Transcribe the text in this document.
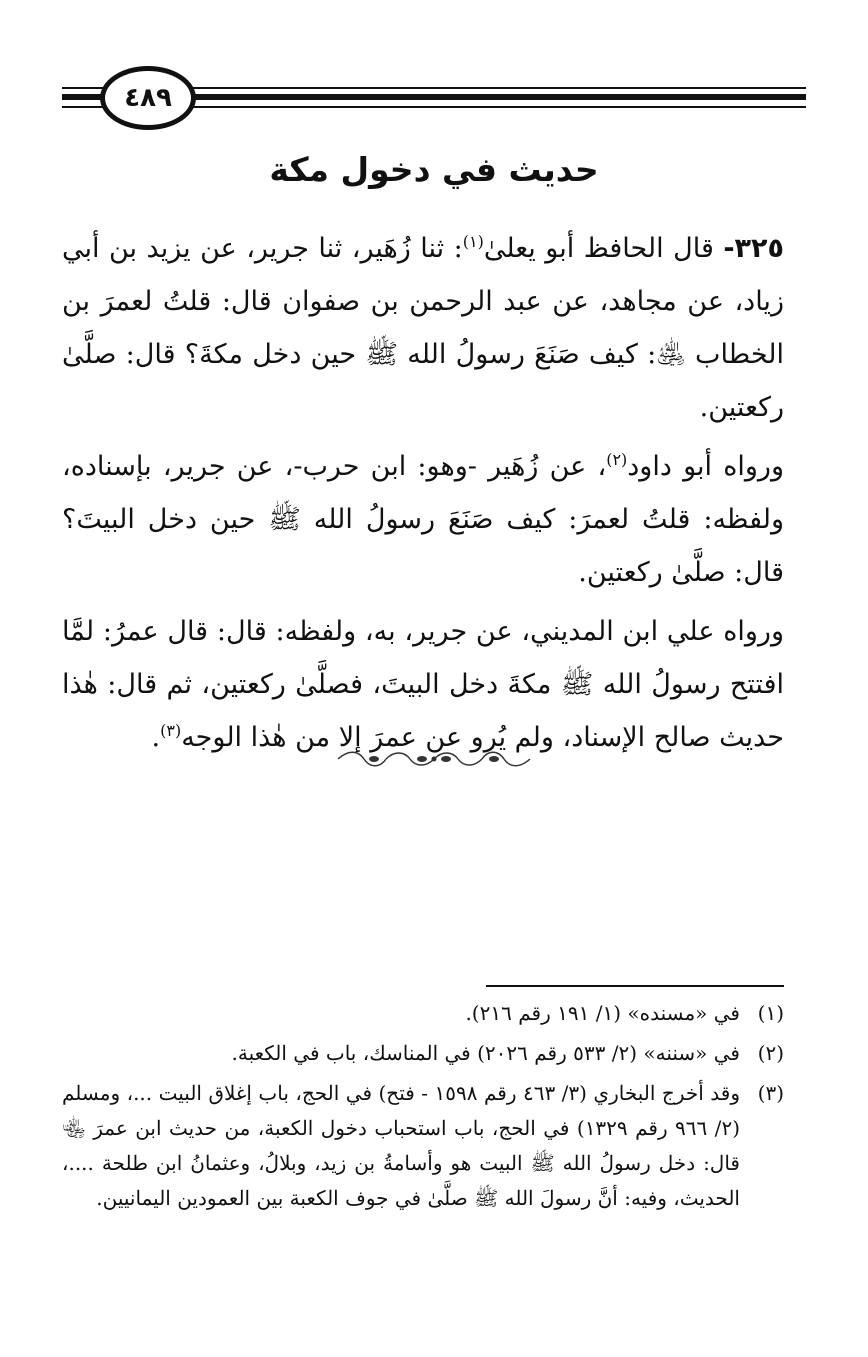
٤٨٩
حديث في دخول مكة

٣٢٥- قال الحافظ أبو يعلىٰ$^{(١)}$: ثنا زُهَير، ثنا جرير، عن يزيد بن أبي زياد، عن مجاهد، عن عبد الرحمن بن صفوان قال: قلتُ لعمرَ بن الخطاب ﵁: كيف صَنَعَ رسولُ الله ﷺ حين دخل مكةَ؟ قال: صلَّىٰ ركعتين.

ورواه أبو داود$^{(٢)}$، عن زُهَير -وهو: ابن حرب-، عن جرير، بإسناده، ولفظه: قلتُ لعمرَ: كيف صَنَعَ رسولُ الله ﷺ حين دخل البيتَ؟ قال: صلَّىٰ ركعتين.

ورواه علي ابن المديني، عن جرير، به، ولفظه: قال: قال عمرُ: لمَّا افتتح رسولُ الله ﷺ مكةَ دخل البيتَ، فصلَّىٰ ركعتين، ثم قال: هٰذا حديث صالح الإسناد، ولم يُرو عن عمرَ إلا من هٰذا الوجه$^{(٣)}$.

(١)
في «مسنده» (١/ ١٩١ رقم ٢١٦).
(٢)
في «سننه» (٢/ ٥٣٣ رقم ٢٠٢٦) في المناسك، باب في الكعبة.
(٣)
وقد أخرج البخاري (٣/ ٤٦٣ رقم ١٥٩٨ - فتح) في الحج، باب إغلاق البيت ...، ومسلم (٢/ ٩٦٦ رقم ١٣٢٩) في الحج، باب استحباب دخول الكعبة، من حديث ابن عمرَ ﵄ قال: دخل رسولُ الله ﷺ البيت هو وأسامةُ بن زيد، وبلالُ، وعثمانُ ابن طلحة ....، الحديث، وفيه: أنَّ رسولَ الله ﷺ صلَّىٰ في جوف الكعبة بين العمودين اليمانيين.
